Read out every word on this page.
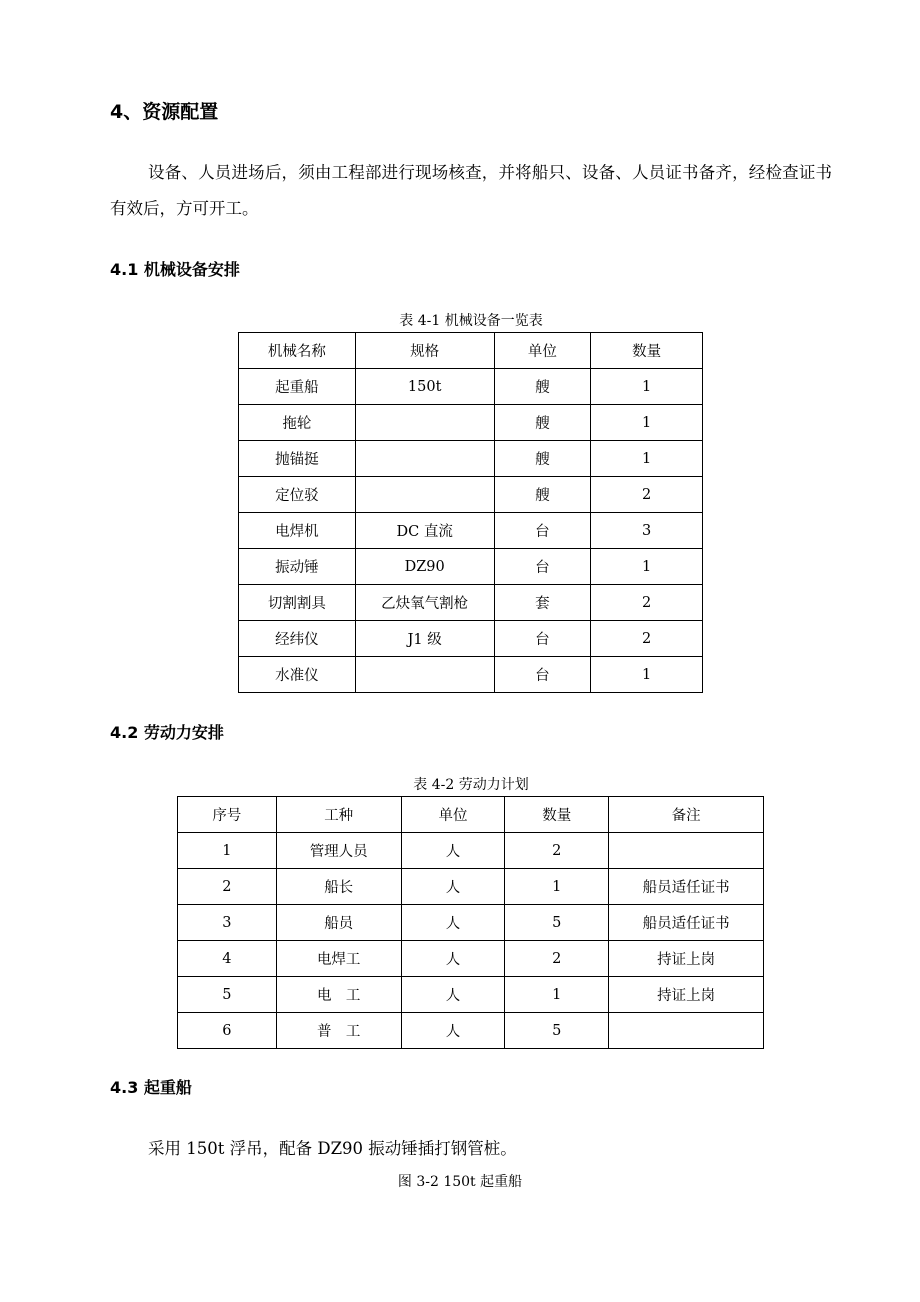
4、资源配置
设备、人员进场后，须由工程部进行现场核查，并将船只、设备、人员证书备齐，经检查证书有效后，方可开工。
4.1 机械设备安排
表 4-1 机械设备一览表
机械名称	规格	单位	数量
起重船	150t	艘	1
拖轮		艘	1
抛锚挺		艘	1
定位驳		艘	2
电焊机	DC 直流	台	3
振动锤	DZ90	台	1
切割割具	乙炔氧气割枪	套	2
经纬仪	J1 级	台	2
水准仪		台	1
4.2 劳动力安排
表 4-2 劳动力计划
序号	工种	单位	数量	备注
1	管理人员	人	2	
2	船长	人	1	船员适任证书
3	船员	人	5	船员适任证书
4	电焊工	人	2	持证上岗
5	电　工	人	1	持证上岗
6	普　工	人	5	
4.3 起重船
采用 150t 浮吊，配备 DZ90 振动锤插打钢管桩。
图 3-2 150t 起重船
